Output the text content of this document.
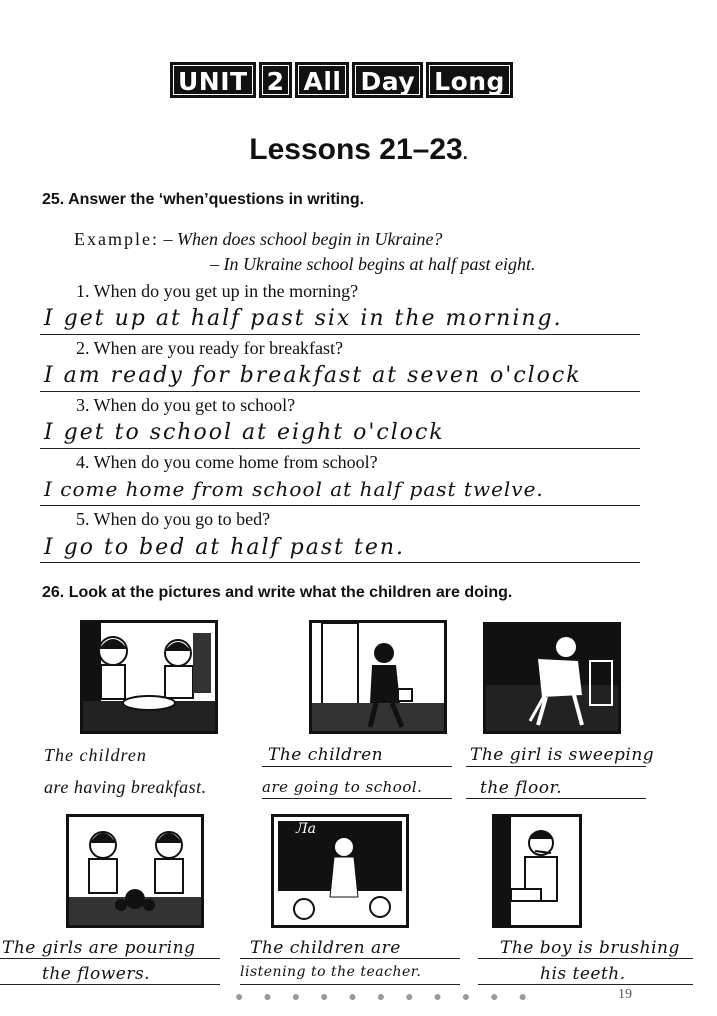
UNIT 2 All Day Long
Lessons 21–23.
25. Answer the ‘when’questions in writing.
Example: – When does school begin in Ukraine?
– In Ukraine school begins at half past eight.
1. When do you get up in the morning?
I get up at half past six in the morning.
2. When are you ready for breakfast?
I am ready for breakfast at seven o'clock
3. When do you get to school?
I get to school at eight o'clock
4. When do you come home from school?
I come home from school at half past twelve.
5. When do you go to bed?
I go to bed at half past ten.
26. Look at the pictures and write what the children are doing.
The children
are having breakfast.
The children
are going to school.
The girl is sweeping
the floor.
Ла
The girls are pouring
the flowers.
The children are
listening to the teacher.
The boy is brushing
his teeth.
● ● ● ● ● ● ● ● ● ● ●	19
